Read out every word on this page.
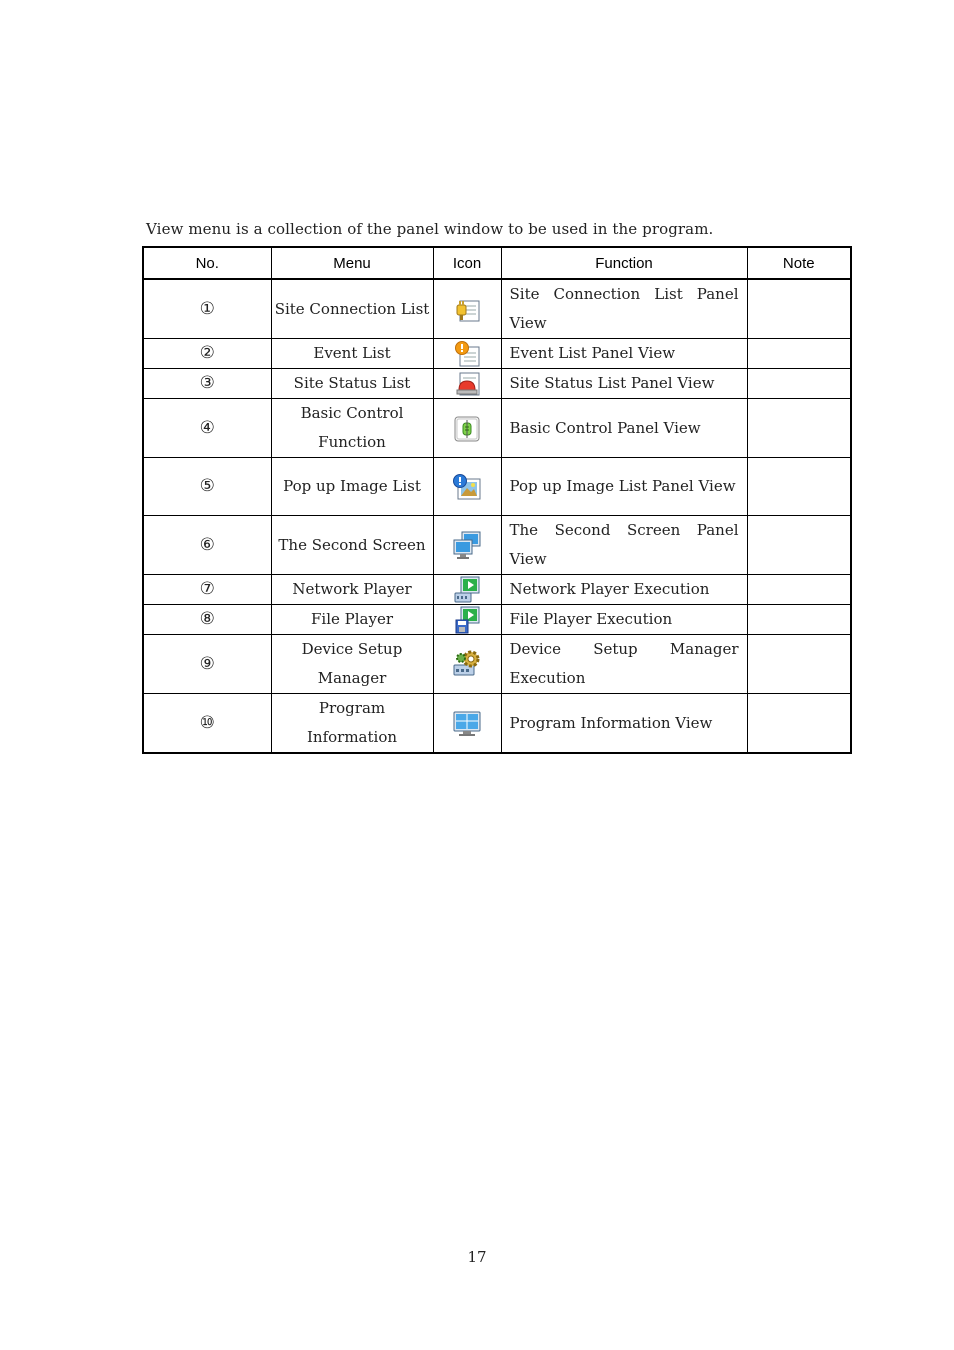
View menu is a collection of the panel window to be used in the program.
No.	Menu	Icon	Function	Note
①	Site Connection List		Site Connection List Panel View	
②	Event List		Event List Panel View	
③	Site Status List		Site Status List Panel View	
④	Basic Control Function		Basic Control Panel View	
⑤	Pop up Image List		Pop up Image List Panel View	
⑥	The Second Screen		The Second Screen Panel View	
⑦	Network Player		Network Player Execution	
⑧	File Player		File Player Execution	
⑨	Device Setup Manager		Device Setup Manager Execution	
⑩	Program Information		Program Information View	
17
